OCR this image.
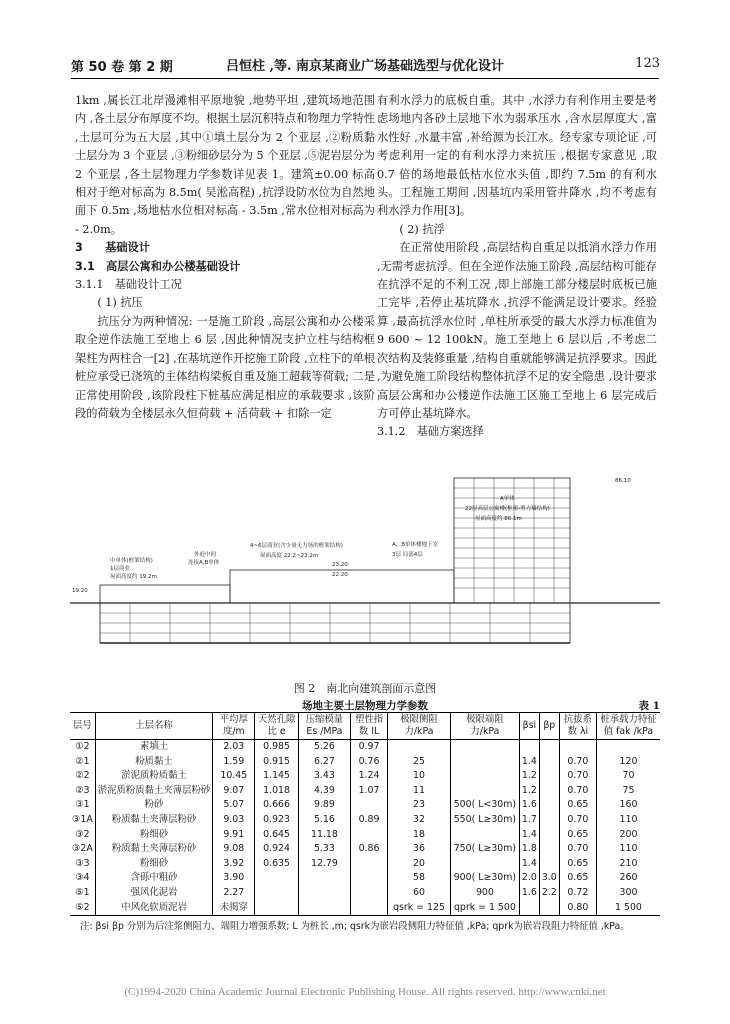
第 50 卷 第 2 期	吕恒柱 ,等. 南京某商业广场基础选型与优化设计	123

1km ,属长江北岸漫滩相平原地貌 ,地势平坦 ,建筑场地范围内 ,各土层分布厚度不均。根据土层沉积特点和物理力学特性 ,土层可分为五大层 ,其中①填土层分为 2 个亚层 ,②粉质黏土层分为 3 个亚层 ,③粉细砂层分为 5 个亚层 ,⑤泥岩层分为 2 个亚层 ,各土层物理力学参数详见表 1。建筑±0.00 标高相对于绝对标高为 8.5m( 吴淞高程) ,抗浮设防水位为自然地面下 0.5m ,场地枯水位相对标高 - 3.5m ,常水位相对标高为 - 2.0m。

3　　基础设计

3.1　高层公寓和办公楼基础设计

3.1.1　基础设计工况

( 1) 抗压

抗压分为两种情况: 一是施工阶段 ,高层公寓和办公楼采取全逆作法施工至地上 6 层 ,因此种情况支护立柱与结构框架柱为两柱合一[2] ,在基坑逆作开挖施工阶段 ,立柱下的单根桩应承受已浇筑的主体结构梁板自重及施工超载等荷载; 二是正常使用阶段 ,该阶段柱下桩基应满足相应的承载要求 ,该阶段的荷载为全楼层永久恒荷载 + 活荷载 + 扣除一定

有利水浮力的底板自重。其中 ,水浮力有利作用主要是考虑场地内各砂土层地下水为弱承压水 ,含水层厚度大 ,富水性好 ,水量丰富 ,补给源为长江水。经专家专项论证 ,可考虑利用一定的有利水浮力来抗压 ,根据专家意见 ,取 0.7 倍的场地最低枯水位水头值 ,即约 7.5m 的有利水头。工程施工期间 ,因基坑内采用管井降水 ,均不考虑有利水浮力作用[3]。

( 2) 抗浮

在正常使用阶段 ,高层结构自重足以抵消水浮力作用 ,无需考虑抗浮。但在全逆作法施工阶段 ,高层结构可能存在抗浮不足的不利工况 ,即上部施工部分楼层时底板已施工完毕 ,若停止基坑降水 ,抗浮不能满足设计要求。经验算 ,最高抗浮水位时 ,单柱所承受的最大水浮力标准值为 9 600 ~ 12 100kN。施工至地上 6 层以后 ,不考虑二次结构及装修重量 ,结构自重就能够满足抗浮要求。因此 ,为避免施工阶段结构整体抗浮不足的安全隐患 ,设计要求高层公寓和办公楼逆作法施工区施工至地上 6 层完成后方可停止基坑降水。

3.1.2　基础方案选择

A单体
22层高层公寓楼(框架-剪力墙结构)
屋面高度约 86.1m
4~6层商业(含少量无力场的框架结构)
屋面高度 22.2~23.2m
A、B单体楼地下室
3层 局部4层
中单体(框架结构)
1层商业
屋面高度约 19.2m
外庭中间
连接A,B单体
86.10
23.20
19.20
22.20
图 2　南北向建筑剖面示意图
场地主要土层物理力学参数	表 1
层号	土层名称	平均厚度/m	天然孔隙比 e	压缩模量 Es /MPa	塑性指数 IL	极限侧阻力/kPa	极限端阻力/kPa	βsi	βp	抗拔系数 λi	桩承载力特征值 fak /kPa
①2	素填土	2.03	0.985	5.26	0.97						
②1	粉质黏土	1.59	0.915	6.27	0.76	25		1.4		0.70	120
②2	淤泥质粉质黏土	10.45	1.145	3.43	1.24	10		1.2		0.70	70
②3	淤泥质粉质黏土夹薄层粉砂	9.07	1.018	4.39	1.07	11		1.2		0.70	75
③1	粉砂	5.07	0.666	9.89		23	500( L<30m)	1.6		0.65	160
③1A	粉质黏土夹薄层粉砂	9.03	0.923	5.16	0.89	32	550( L≥30m)	1.7		0.70	110
③2	粉细砂	9.91	0.645	11.18		18		1.4		0.65	200
③2A	粉质黏土夹薄层粉砂	9.08	0.924	5.33	0.86	36	750( L≥30m)	1.8		0.70	110
③3	粉细砂	3.92	0.635	12.79		20		1.4		0.65	210
③4	含砾中粗砂	3.90				58	900( L≥30m)	2.0	3.0	0.65	260
⑤1	强风化泥岩	2.27				60	900	1.6	2.2	0.72	300
⑤2	中风化软质泥岩	未揭穿				qsrk = 125	qprk = 1 500			0.80	1 500
注: βsi βp 分别为后注浆侧阻力、端阻力增强系数; L 为桩长 ,m; qsrk为嵌岩段侧阻力特征值 ,kPa; qprk为嵌岩段阻力特征值 ,kPa。
(C)1994-2020 China Academic Journal Electronic Publishing House. All rights reserved. http://www.cnki.net
